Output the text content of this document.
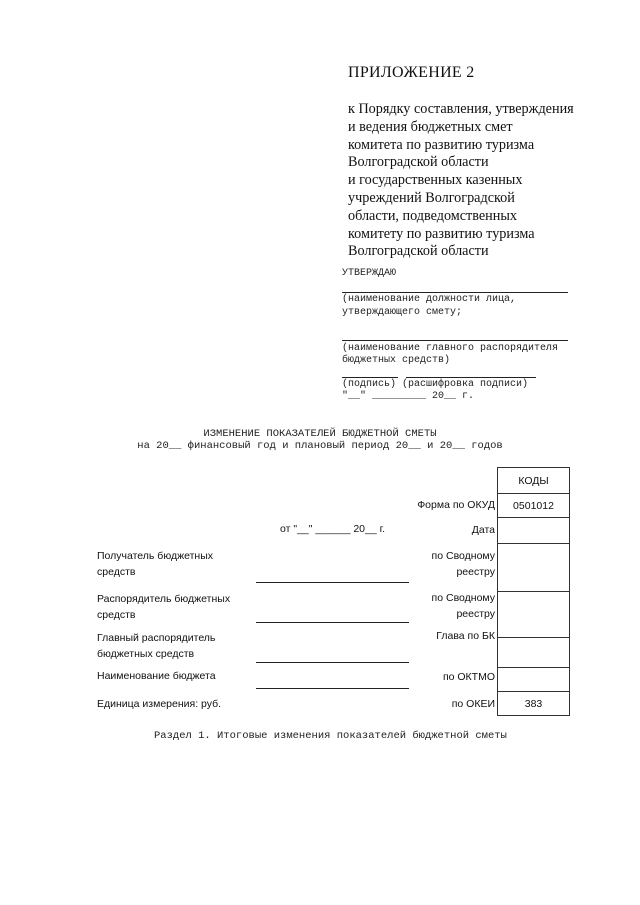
ПРИЛОЖЕНИЕ 2
к Порядку составления, утверждения
и ведения бюджетных смет
комитета по развитию туризма
Волгоградской области
и государственных казенных
учреждений Волгоградской
области, подведомственных
комитету по развитию туризма
Волгоградской области
УТВЕРЖДАЮ
(наименование должности лица,
утверждающего смету;
(наименование главного распорядителя
бюджетных средств)
(подпись) (расшифровка подписи)
"__" _________ 20__ г.
ИЗМЕНЕНИЕ ПОКАЗАТЕЛЕЙ БЮДЖЕТНОЙ СМЕТЫ
на 20__ финансовый год и плановый период 20__ и 20__ годов
КОДЫ
0501012
383
Форма по ОКУД
от "__" ______ 20__ г.	Дата
по Сводному
реестру
по Сводному
реестру
Глава по БК
по ОКТМО
по ОКЕИ
Получатель бюджетных
средств
Распорядитель бюджетных
средств
Главный распорядитель
бюджетных средств
Наименование бюджета
Единица измерения: руб.
Раздел 1. Итоговые изменения показателей бюджетной сметы
